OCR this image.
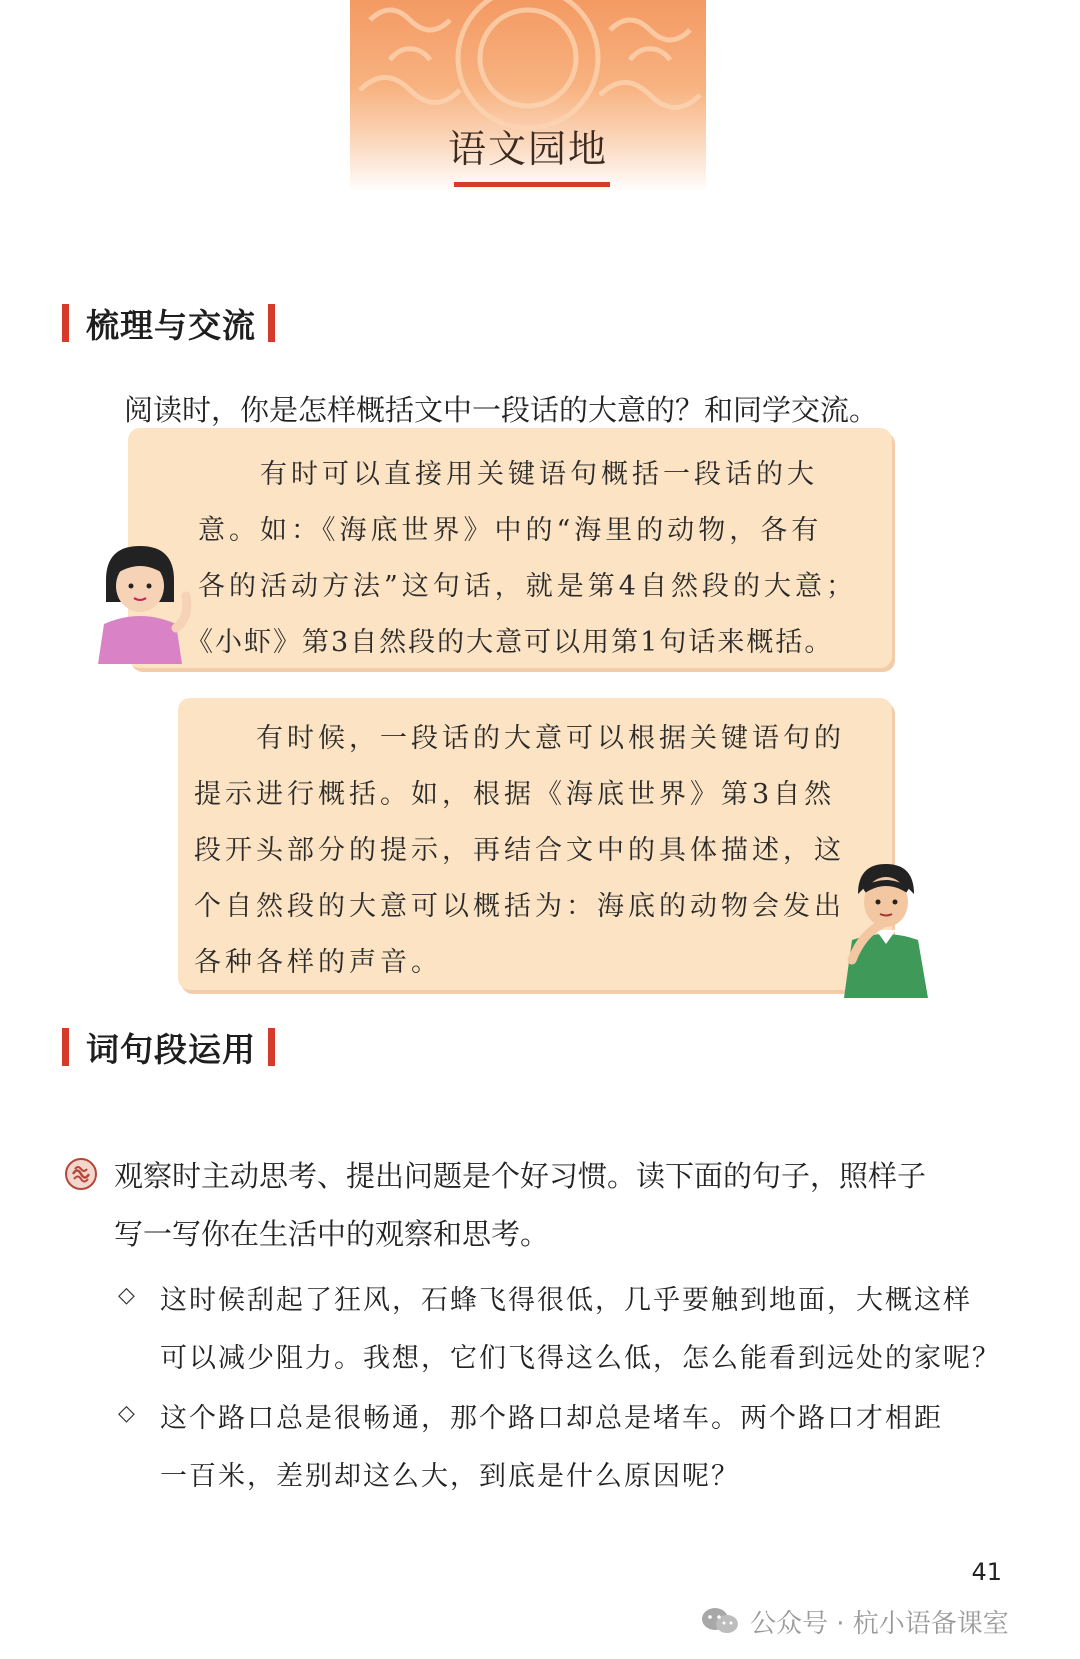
语文园地
梳理与交流
阅读时，你是怎样概括文中一段话的大意的？和同学交流。
　　有时可以直接用关键语句概括一段话的大
意。如：《海底世界》中的“海里的动物，各有
各的活动方法”这句话，就是第4自然段的大意；
《小虾》第3自然段的大意可以用第1句话来概括。
　　有时候，一段话的大意可以根据关键语句的
提示进行概括。如，根据《海底世界》第3自然
段开头部分的提示，再结合文中的具体描述，这
个自然段的大意可以概括为：海底的动物会发出
各种各样的声音。
词句段运用
观察时主动思考、提出问题是个好习惯。读下面的句子，照样子
写一写你在生活中的观察和思考。
◇ 这时候刮起了狂风，石蜂飞得很低，几乎要触到地面，大概这样
可以减少阻力。我想，它们飞得这么低，怎么能看到远处的家呢？
◇ 这个路口总是很畅通，那个路口却总是堵车。两个路口才相距
一百米，差别却这么大，到底是什么原因呢？
41
公众号 · 杭小语备课室
